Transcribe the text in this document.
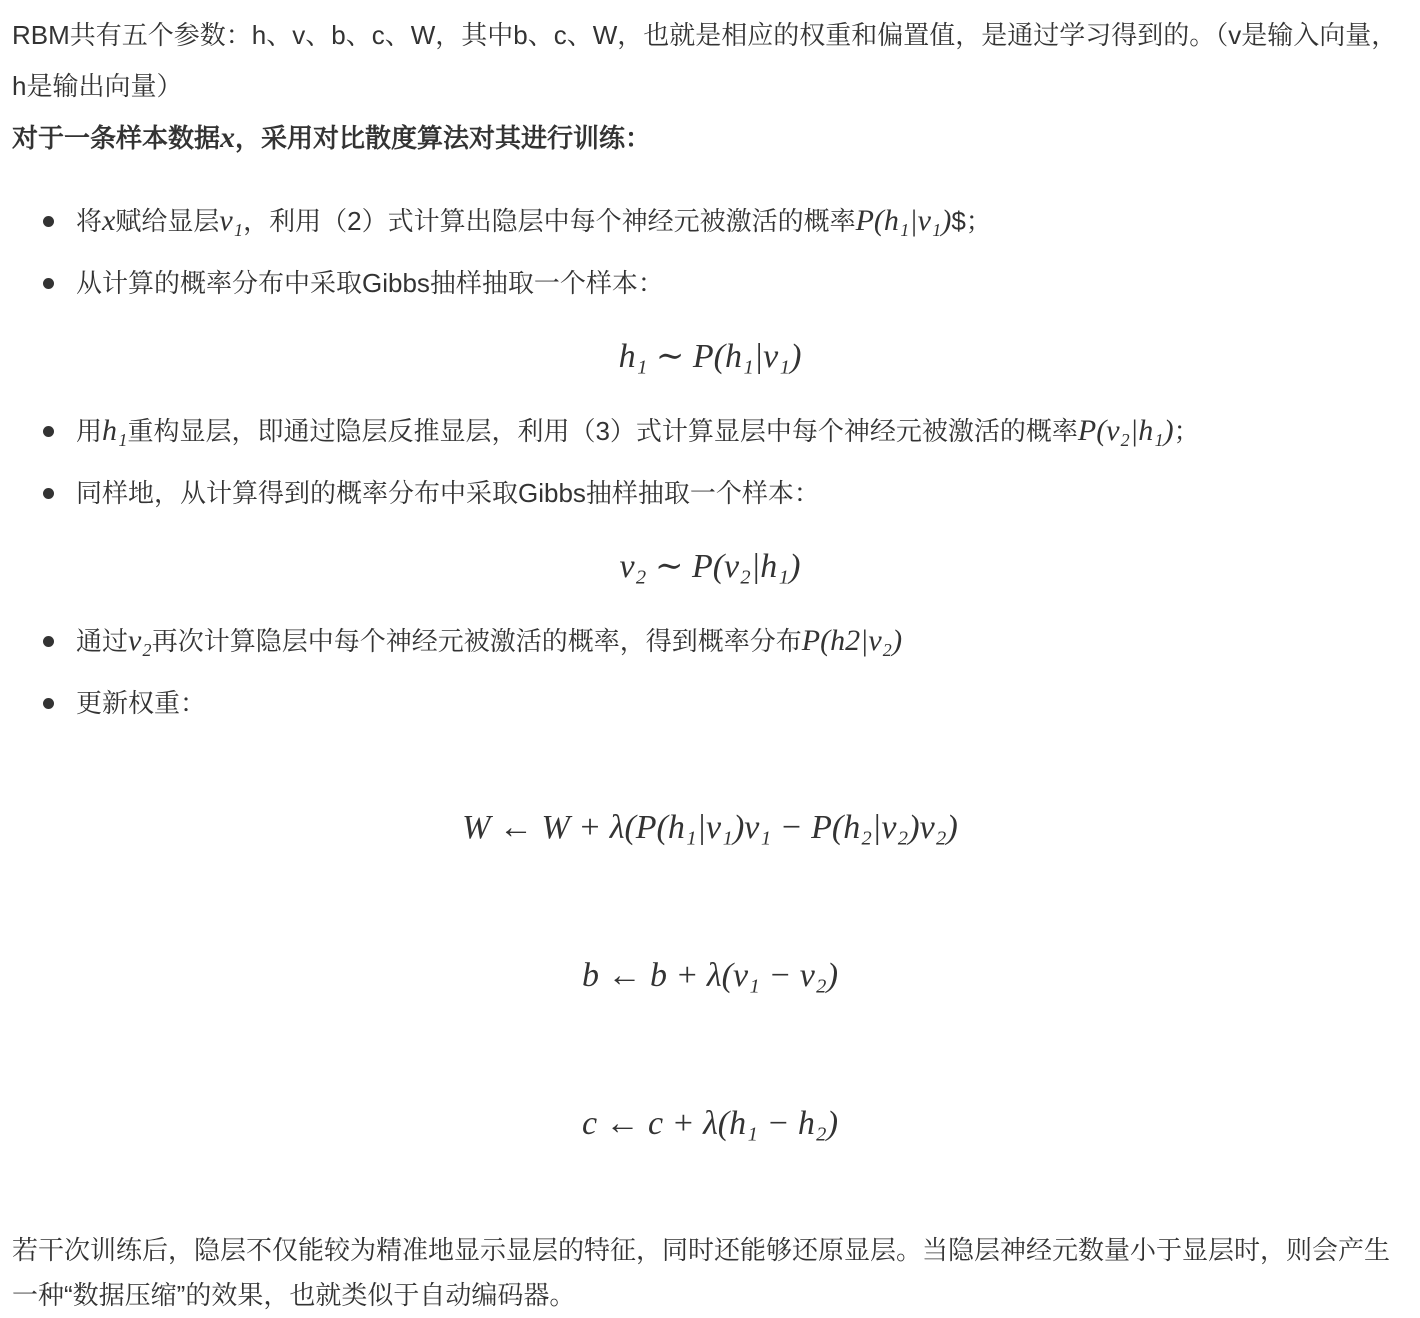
RBM共有五个参数：h、v、b、c、W，其中b、c、W，也就是相应的权重和偏置值，是通过学习得到的。（v是输入向量，h是输出向量）

对于一条样本数据x，采用对比散度算法对其进行训练：

将x赋给显层v₁，利用（2）式计算出隐层中每个神经元被激活的概率P(h₁|v₁)$；
从计算的概率分布中采取Gibbs抽样抽取一个样本：
h₁ ∼ P(h₁|v₁)
用h₁重构显层，即通过隐层反推显层，利用（3）式计算显层中每个神经元被激活的概率P(v₂|h₁)；
同样地，从计算得到的概率分布中采取Gibbs抽样抽取一个样本：
v₂ ∼ P(v₂|h₁)
通过v₂再次计算隐层中每个神经元被激活的概率，得到概率分布P(h2|v₂)
更新权重：
W ← W + λ(P(h₁|v₁)v₁ − P(h₂|v₂)v₂)
b ← b + λ(v₁ − v₂)
c ← c + λ(h₁ − h₂)

若干次训练后，隐层不仅能较为精准地显示显层的特征，同时还能够还原显层。当隐层神经元数量小于显层时，则会产生一种“数据压缩”的效果，也就类似于自动编码器。
